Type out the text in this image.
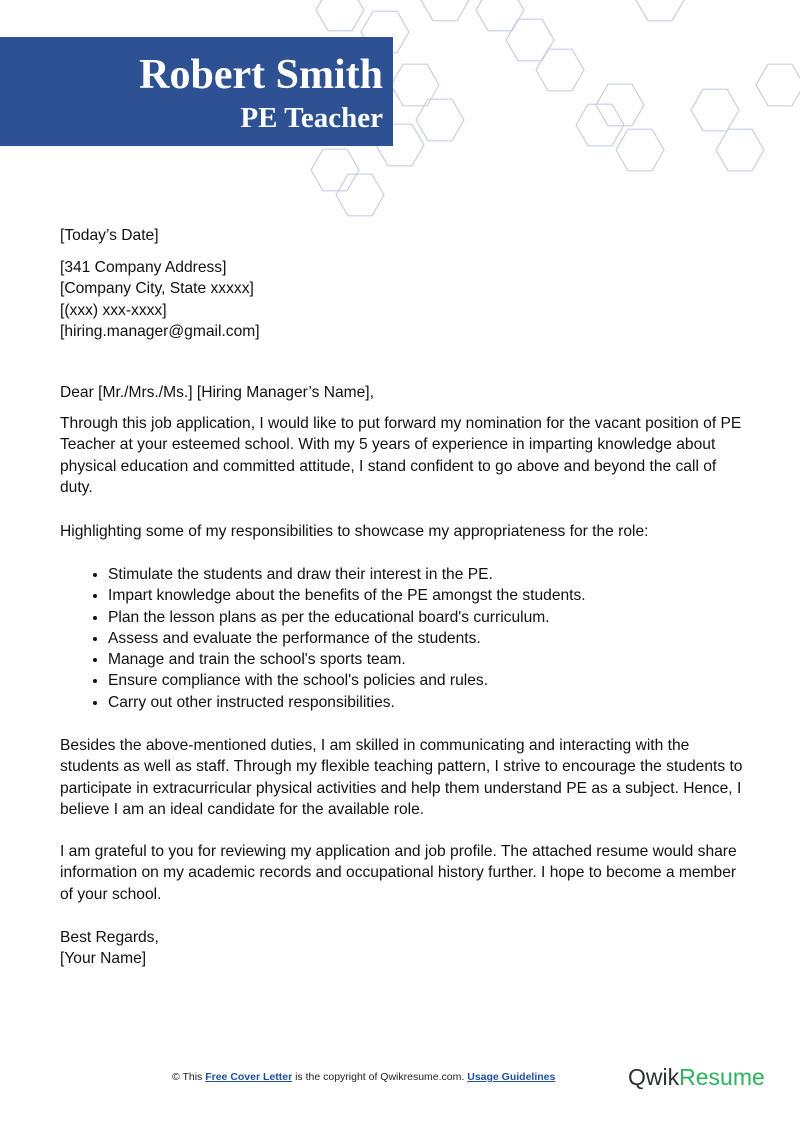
Robert Smith
PE Teacher

[Today’s Date]

[341 Company Address]

[Company City, State xxxxx]

[(xxx) xxx-xxxx]

[hiring.manager@gmail.com]

Dear [Mr./Mrs./Ms.] [Hiring Manager’s Name],

Through this job application, I would like to put forward my nomination for the vacant position of PE Teacher at your esteemed school. With my 5 years of experience in imparting knowledge about physical education and committed attitude, I stand confident to go above and beyond the call of duty.

Highlighting some of my responsibilities to showcase my appropriateness for the role:

• Stimulate the students and draw their interest in the PE.
• Impart knowledge about the benefits of the PE amongst the students.
• Plan the lesson plans as per the educational board's curriculum.
• Assess and evaluate the performance of the students.
• Manage and train the school's sports team.
• Ensure compliance with the school's policies and rules.
• Carry out other instructed responsibilities.

Besides the above-mentioned duties, I am skilled in communicating and interacting with the students as well as staff. Through my flexible teaching pattern, I strive to encourage the students to participate in extracurricular physical activities and help them understand PE as a subject. Hence, I believe I am an ideal candidate for the available role.

I am grateful to you for reviewing my application and job profile. The attached resume would share information on my academic records and occupational history further. I hope to become a member of your school.

Best Regards,

[Your Name]

© This Free Cover Letter is the copyright of Qwikresume.com. Usage Guidelines	QwikResume
